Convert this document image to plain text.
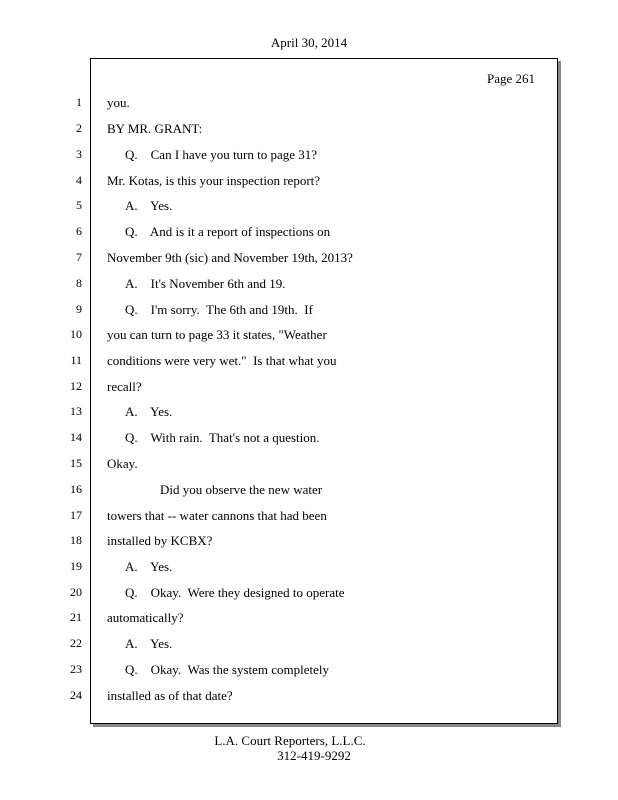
April 30, 2014
Page 261
1 you.
2 BY MR. GRANT:
3	Q.    Can I have you turn to page 31?
4 Mr. Kotas, is this your inspection report?
5	A.    Yes.
6	Q.    And is it a report of inspections on
7 November 9th (sic) and November 19th, 2013?
8	A.    It's November 6th and 19.
9	Q.    I'm sorry.  The 6th and 19th.  If
10 you can turn to page 33 it states, "Weather
11 conditions were very wet."  Is that what you
12 recall?
13	A.    Yes.
14	Q.    With rain.  That's not a question.
15 Okay.
16	Did you observe the new water
17 towers that -- water cannons that had been
18 installed by KCBX?
19	A.    Yes.
20	Q.    Okay.  Were they designed to operate
21 automatically?
22	A.    Yes.
23	Q.    Okay.  Was the system completely
24 installed as of that date?
L.A. Court Reporters, L.L.C.
312-419-9292
